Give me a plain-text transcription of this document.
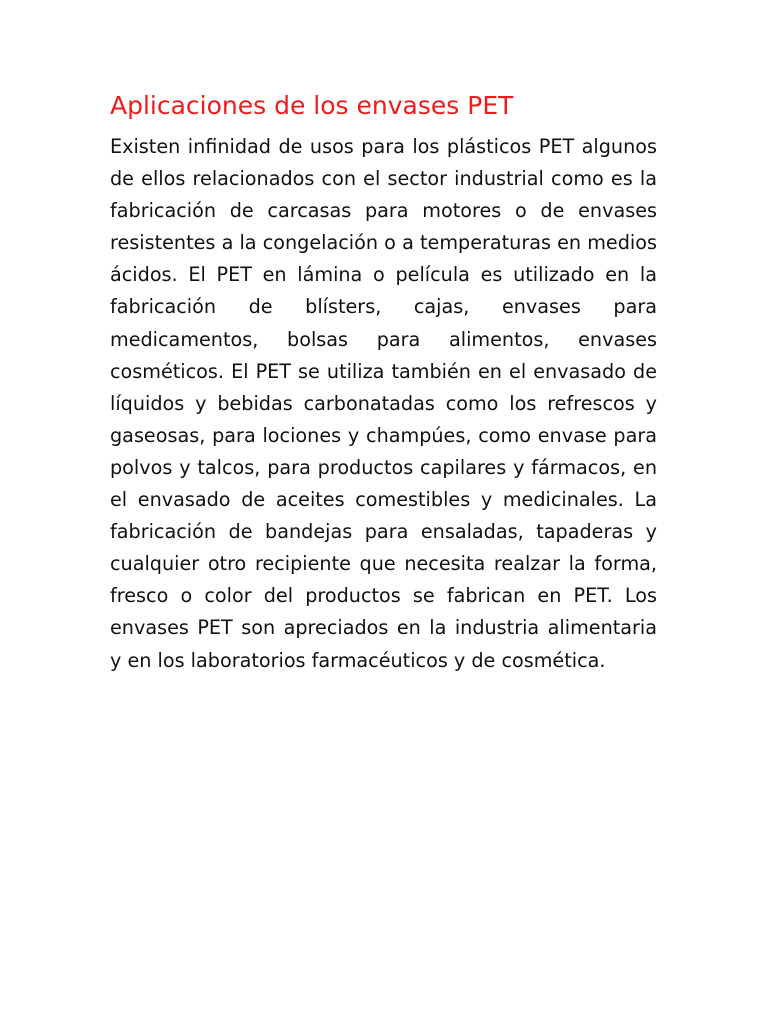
Aplicaciones de los envases PET

Existen infinidad de usos para los plásticos PET algunos de ellos relacionados con el sector industrial como es la fabricación de carcasas para motores o de envases resistentes a la congelación o a temperaturas en medios ácidos. El PET en lámina o película es utilizado en la fabricación de blísters, cajas, envases para medicamentos, bolsas para alimentos, envases cosméticos. El PET se utiliza también en el envasado de líquidos y bebidas carbonatadas como los refrescos y gaseosas, para lociones y champúes, como envase para polvos y talcos, para productos capilares y fármacos, en el envasado de aceites comestibles y medicinales. La fabricación de bandejas para ensaladas, tapaderas y cualquier otro recipiente que necesita realzar la forma, fresco o color del productos se fabrican en PET. Los envases PET son apreciados en la industria alimentaria y en los laboratorios farmacéuticos y de cosmética.
